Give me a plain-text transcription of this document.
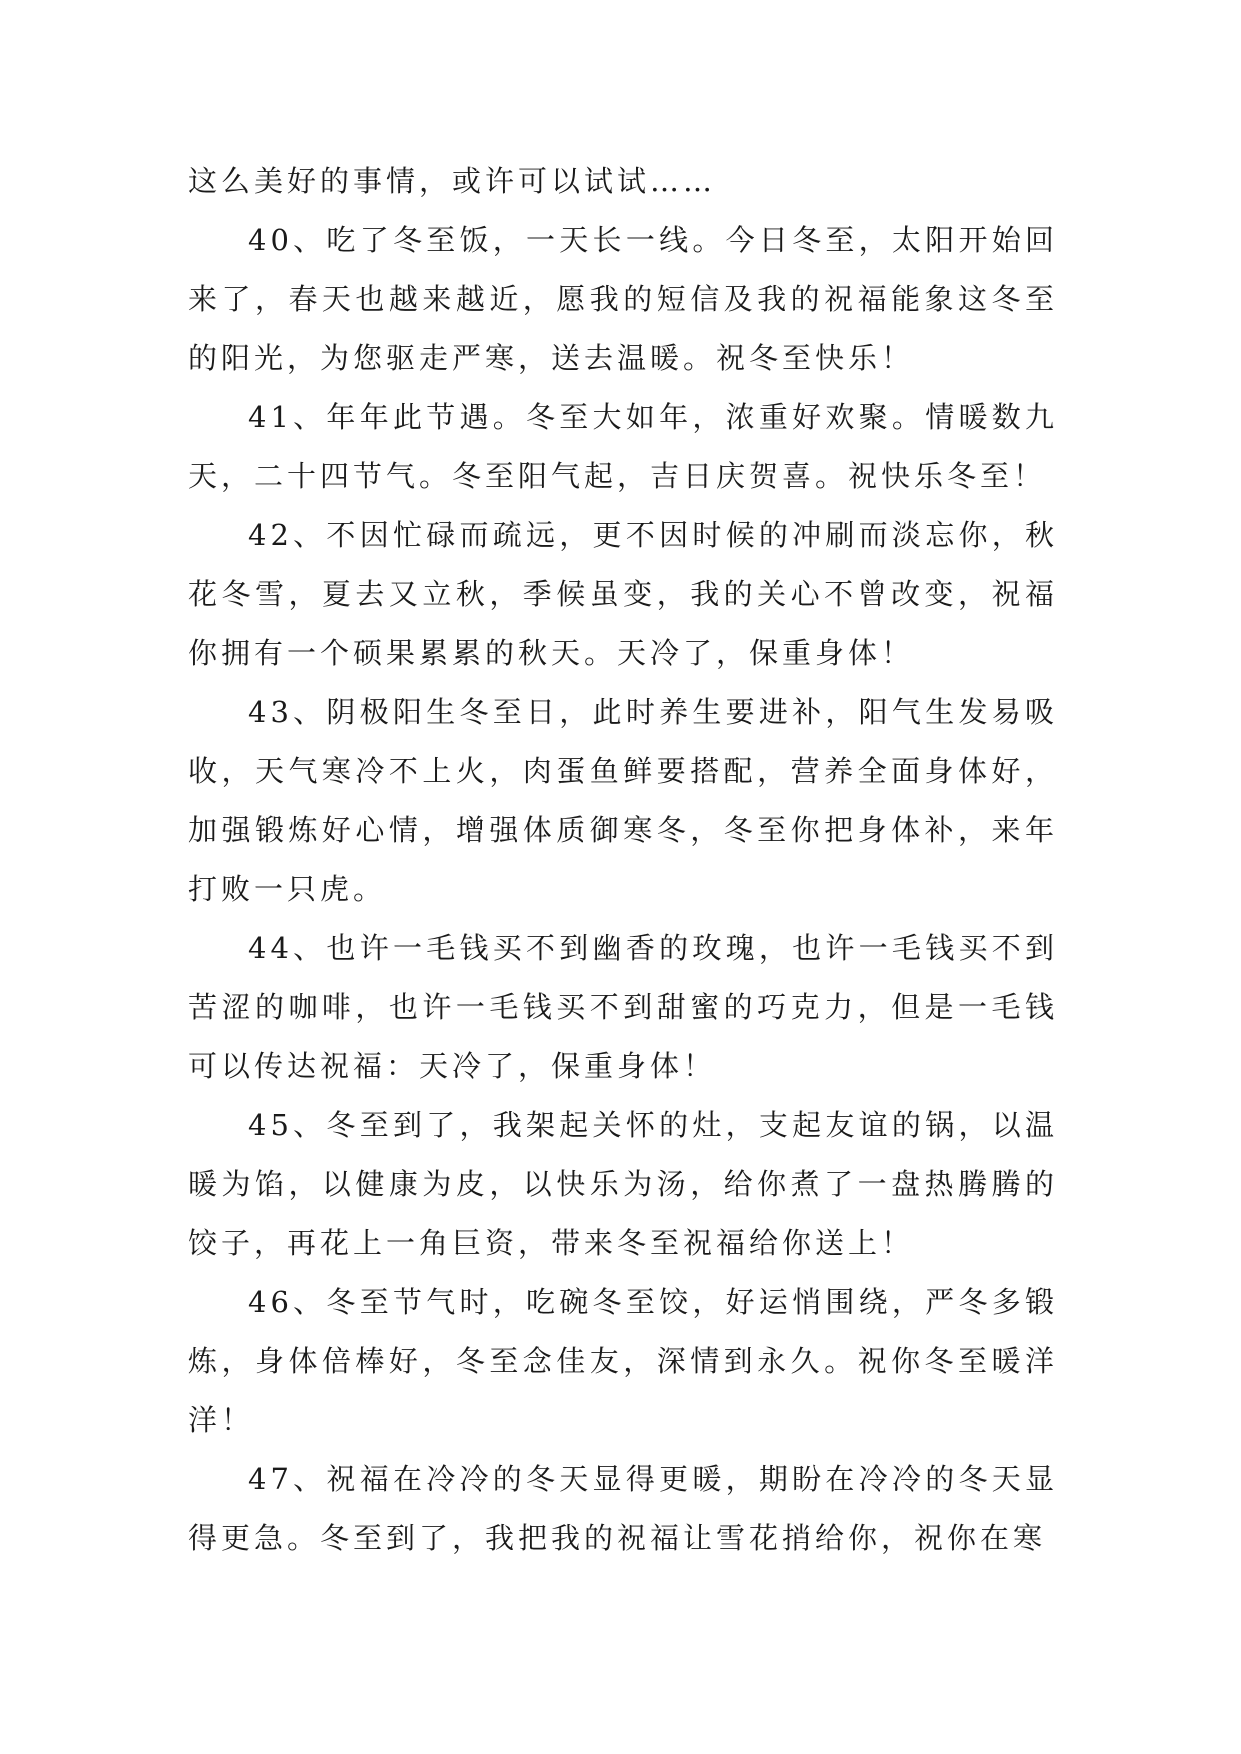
这么美好的事情，或许可以试试……

40、吃了冬至饭，一天长一线。今日冬至，太阳开始回来了，春天也越来越近，愿我的短信及我的祝福能象这冬至的阳光，为您驱走严寒，送去温暖。祝冬至快乐！

41、年年此节遇。冬至大如年，浓重好欢聚。情暖数九天，二十四节气。冬至阳气起，吉日庆贺喜。祝快乐冬至！

42、不因忙碌而疏远，更不因时候的冲刷而淡忘你，秋花冬雪，夏去又立秋，季候虽变，我的关心不曾改变，祝福你拥有一个硕果累累的秋天。天冷了，保重身体！

43、阴极阳生冬至日，此时养生要进补，阳气生发易吸收，天气寒冷不上火，肉蛋鱼鲜要搭配，营养全面身体好，加强锻炼好心情，增强体质御寒冬，冬至你把身体补，来年打败一只虎。

44、也许一毛钱买不到幽香的玫瑰，也许一毛钱买不到苦涩的咖啡，也许一毛钱买不到甜蜜的巧克力，但是一毛钱可以传达祝福：天冷了，保重身体！

45、冬至到了，我架起关怀的灶，支起友谊的锅，以温暖为馅，以健康为皮，以快乐为汤，给你煮了一盘热腾腾的饺子，再花上一角巨资，带来冬至祝福给你送上！

46、冬至节气时，吃碗冬至饺，好运悄围绕，严冬多锻炼，身体倍棒好，冬至念佳友，深情到永久。祝你冬至暖洋洋！

47、祝福在冷冷的冬天显得更暖，期盼在冷冷的冬天显得更急。冬至到了，我把我的祝福让雪花捎给你，祝你在寒
